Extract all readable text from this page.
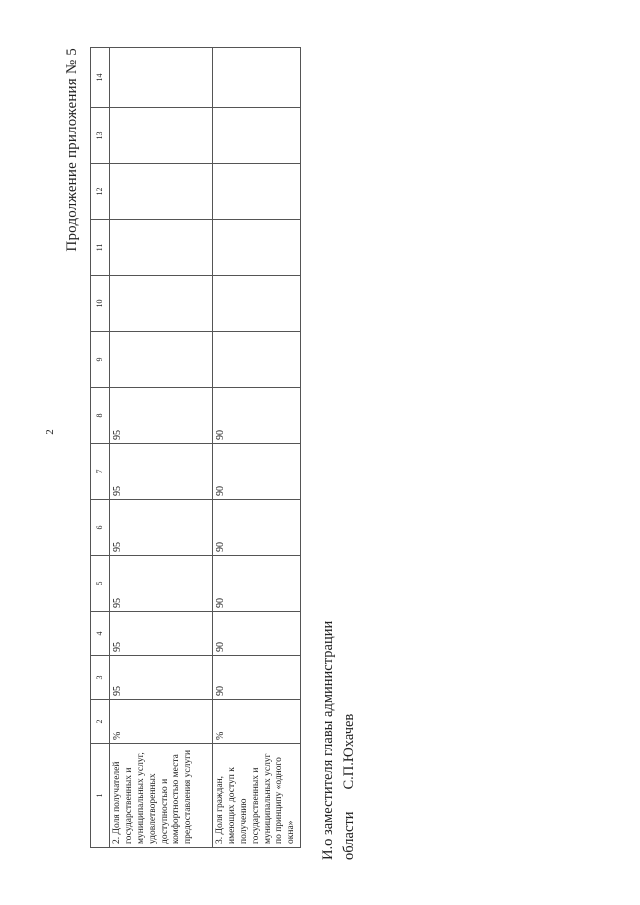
2
Продолжение приложения № 5
1	2	3	4	5	6	7	8	9	10	11	12	13	14
2. Доля получателей государственных и муниципальных услуг, удовлетворенных доступностью и комфортностью места предоставления услуги	%	95	95	95	95	95	95						
3. Доля граждан, имеющих доступ к получению государственных и муниципальных услуг по принципу «одного окна»	%	90	90	90	90	90	90						
И.о заместителя главы администрации областиС.П.Юхачев
